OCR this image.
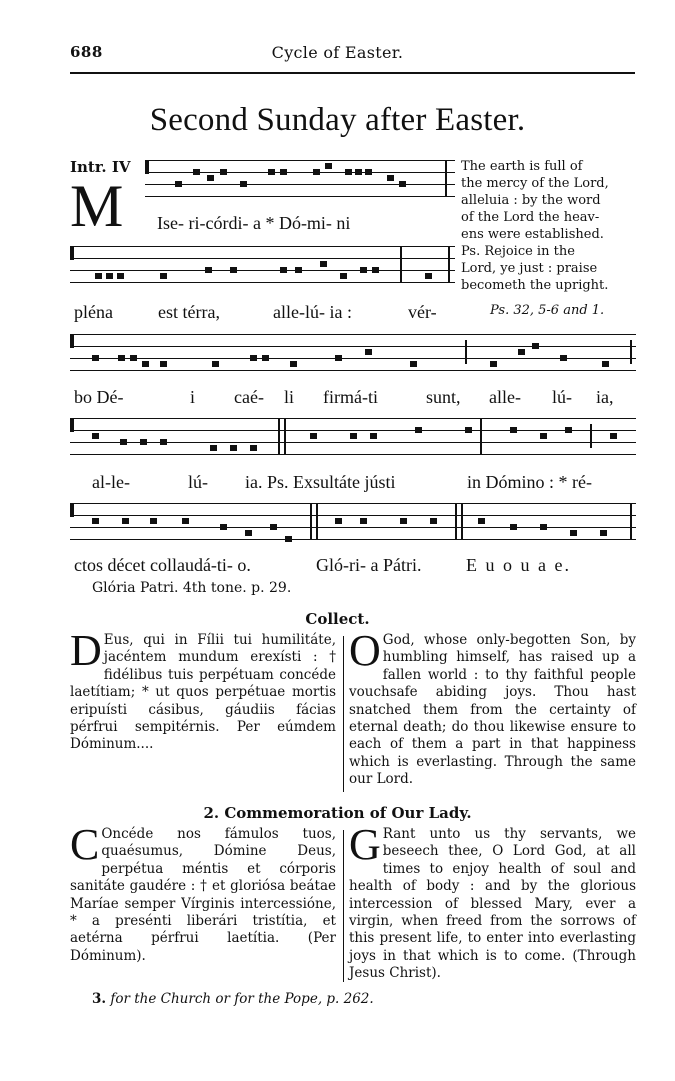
688	Cycle of Easter.
Second Sunday after Easter.
Intr. IV
M

The earth is full of

the mercy of the Lord,

alleluia : by the word

of the Lord the heav-

ens were established.

Ps. Rejoice in the

Lord, ye just : praise

becometh the upright.

Ps. 32, 5-6 and 1.
Ise- ri-córdi- a * Dó-mi- ni
pléna	est térra,	alle-lú- ia :	vér-
bo Dé-	i caé- li firmá-ti	sunt, alle- lú- ia,
al-le-	lú- ia. Ps. Exsultáte jústi	in Dómino : * ré-
ctos décet collaudá-ti- o.	Gló-ri- a Pátri. E u o u a e.
Glória Patri. 4th tone. p. 29.
Collect.
D Eus, qui in Fílii tui humilitáte, jacéntem mundum erexísti : † fidélibus tuis perpétuam concéde laetítiam; * ut quos perpétuae mortis eripuísti cásibus, gáudiis fácias pérfrui sempitérnis. Per eúmdem Dóminum....
O God, whose only-begotten Son, by humbling himself, has raised up a fallen world : to thy faithful people vouchsafe abiding joys. Thou hast snatched them from the certainty of eternal death; do thou likewise ensure to each of them a part in that happiness which is everlasting. Through the same our Lord.
2. Commemoration of Our Lady.
C Oncéde nos fámulos tuos, quaésumus, Dómine Deus, perpétua méntis et córporis sanitáte gaudére : † et gloriósa beátae Maríae semper Vírginis intercessióne, * a presénti liberári tristítia, et aetérna pérfrui laetítia. (Per Dóminum).
G Rant unto us thy servants, we beseech thee, O Lord God, at all times to enjoy health of soul and health of body : and by the glorious intercession of blessed Mary, ever a virgin, when freed from the sorrows of this present life, to enter into everlasting joys in that which is to come. (Through Jesus Christ).
3. for the Church or for the Pope, p. 262.
